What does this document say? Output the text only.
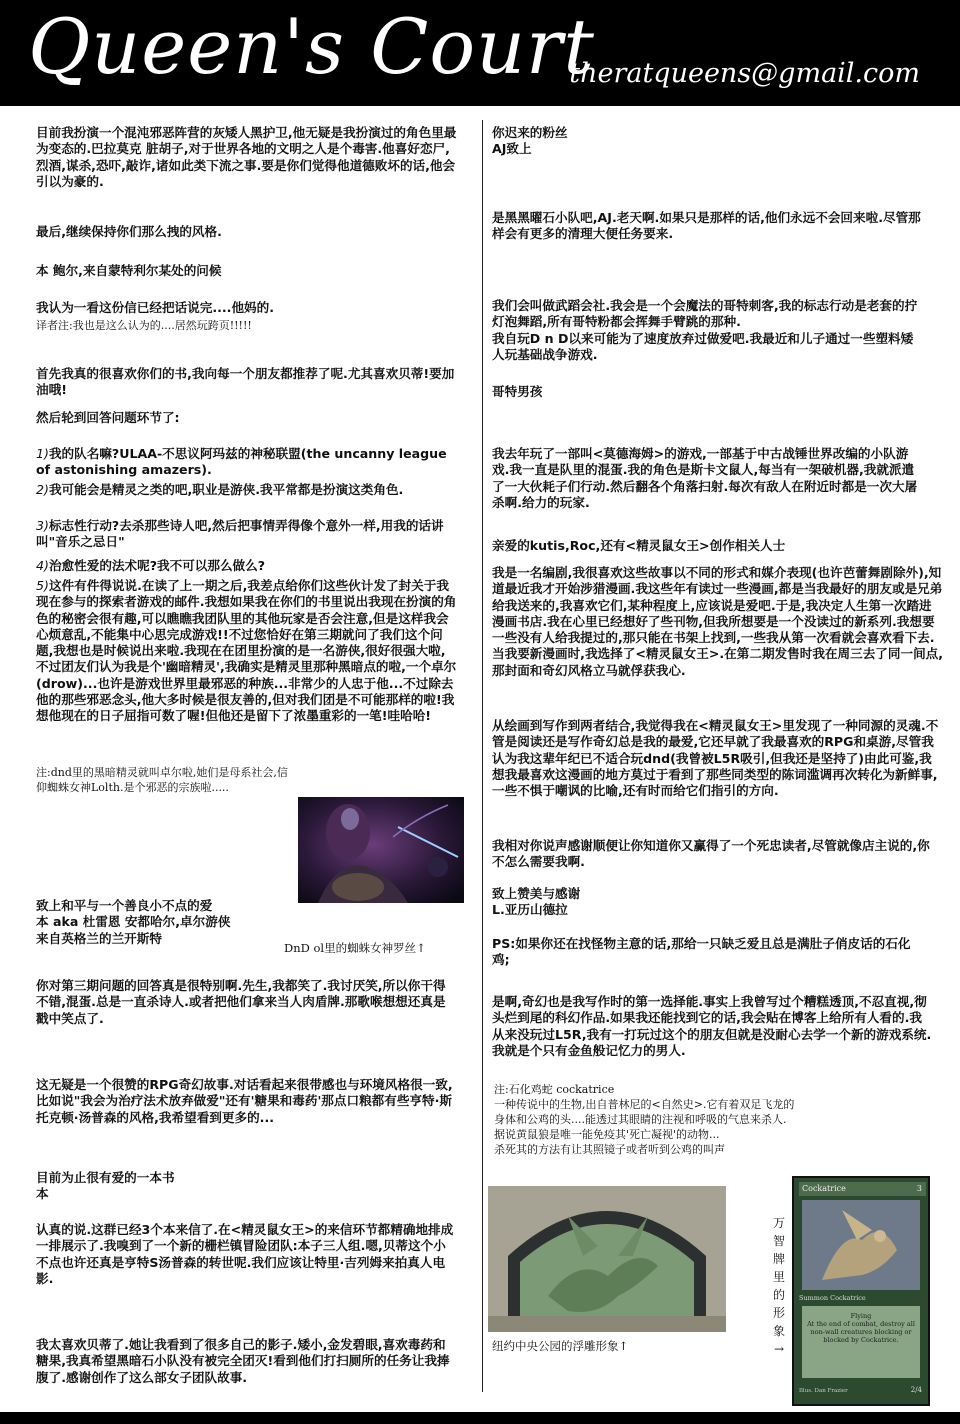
Queen's Court
theratqueens@gmail.com

目前我扮演一个混沌邪恶阵营的灰矮人黑护卫,他无疑是我扮演过的角色里最为变态的.巴拉莫克 脏胡子,对于世界各地的文明之人是个毒害.他喜好恋尸,烈酒,谋杀,恐吓,敲诈,诸如此类下流之事.要是你们觉得他道德败坏的话,他会引以为豪的.

最后,继续保持你们那么拽的风格.

本 鲍尔,来自蒙特利尔某处的问候

我认为一看这份信已经把话说完....他妈的.

译者注:我也是这么认为的....居然玩跨页!!!!!

首先我真的很喜欢你们的书,我向每一个朋友都推荐了呢.尤其喜欢贝蒂!要加油哦!

然后轮到回答问题环节了:

1)我的队名嘛?ULAA-不思议阿玛兹的神秘联盟(the uncanny league of astonishing amazers).

2)我可能会是精灵之类的吧,职业是游侠.我平常都是扮演这类角色.

3)标志性行动?去杀那些诗人吧,然后把事情弄得像个意外一样,用我的话讲叫"音乐之忌日"

4)治愈性爱的法术呢?我不可以那么做么?

5)这件有件得说说.在读了上一期之后,我差点给你们这些伙计发了封关于我现在参与的探索者游戏的邮件.我想如果我在你们的书里说出我现在扮演的角色的秘密会很有趣,可以瞧瞧我团队里的其他玩家是否会注意,但是这样我会心烦意乱,不能集中心思完成游戏!!不过您恰好在第三期就问了我们这个问题,我想也是时候说出来啦.我现在在团里扮演的是一名游侠,很好很强大啦,不过团友们认为我是个'幽暗精灵',我确实是精灵里那种黑暗点的啦,一个卓尔(drow)...也许是游戏世界里最邪恶的种族...非常少的人忠于他...不过除去他的那些邪恶念头,他大多时候是很友善的,但对我们团是不可能那样的啦!我想他现在的日子屈指可数了喔!但他还是留下了浓墨重彩的一笔!哇哈哈!

注:dnd里的黑暗精灵就叫卓尔啦,她们是母系社会,信仰蜘蛛女神Lolth.是个邪恶的宗族啦.....

致上和平与一个善良小不点的爱

本 aka 杜雷恩 安都哈尔,卓尔游侠

来自英格兰的兰开斯特

DnD ol里的蜘蛛女神罗丝↑

你对第三期问题的回答真是很特别啊.先生,我都笑了.我讨厌笑,所以你干得不错,混蛋.总是一直杀诗人.或者把他们拿来当人肉盾牌.那歌喉想想还真是戳中笑点了.

这无疑是一个很赞的RPG奇幻故事.对话看起来很带感也与环境风格很一致,比如说"我会为治疗法术放弃做爱"还有'糖果和毒药'那点口粮都有些亨特·斯托克顿·汤普森的风格,我希望看到更多的...

目前为止很有爱的一本书

本

认真的说.这群已经3个本来信了.在<精灵鼠女王>的来信环节都精确地排成一排展示了.我嗅到了一个新的栅栏镇冒险团队:本子三人组.嗯,贝蒂这个小不点也许还真是亨特S汤普森的转世呢.我们应该让特里·吉列姆来拍真人电影.

我太喜欢贝蒂了.她让我看到了很多自己的影子.矮小,金发碧眼,喜欢毒药和糖果,我真希望黑暗石小队没有被完全团灭!看到他们打扫厕所的任务让我捧腹了.感谢创作了这么部女子团队故事.

你迟来的粉丝

AJ致上

是黑黑曜石小队吧,AJ.老天啊.如果只是那样的话,他们永远不会回来啦.尽管那样会有更多的清理大便任务要来.

我们会叫做武蹈会社.我会是一个会魔法的哥特刺客,我的标志行动是老套的拧灯泡舞蹈,所有哥特粉都会挥舞手臂跳的那种.

我自玩D n D以来可能为了速度放弃过做爱吧.我最近和儿子通过一些塑料矮人玩基础战争游戏.

哥特男孩

我去年玩了一部叫<莫德海姆>的游戏,一部基于中古战锤世界改编的小队游戏.我一直是队里的混蛋.我的角色是斯卡文鼠人,每当有一架破机器,我就派遣了一大伙耗子们行动.然后翻各个角落扫射.每次有敌人在附近时都是一次大屠杀啊.给力的玩家.

亲爱的kutis,Roc,还有<精灵鼠女王>创作相关人士

我是一名编剧,我很喜欢这些故事以不同的形式和媒介表现(也许芭蕾舞剧除外),知道最近我才开始涉猎漫画.我这些年有读过一些漫画,都是当我最好的朋友或是兄弟给我送来的,我喜欢它们,某种程度上,应该说是爱吧.于是,我决定人生第一次踏进漫画书店.我在心里已经想好了些刊物,但我所想要是一个没读过的新系列.我想要一些没有人给我提过的,那只能在书架上找到,一些我从第一次看就会喜欢看下去.当我要新漫画时,我选择了<精灵鼠女王>.在第二期发售时我在周三去了同一间点,那封面和奇幻风格立马就俘获我心.

从绘画到写作到两者结合,我觉得我在<精灵鼠女王>里发现了一种同源的灵魂.不管是阅读还是写作奇幻总是我的最爱,它还早就了我最喜欢的RPG和桌游,尽管我认为我这辈年纪已不适合玩dnd(我曾被L5R吸引,但我还是坚持了)由此可鉴,我想我最喜欢这漫画的地方莫过于看到了那些同类型的陈词滥调再次转化为新鲜事,一些不惧于嘲讽的比喻,还有时而给它们指引的方向.

我相对你说声感谢顺便让你知道你又赢得了一个死忠读者,尽管就像店主说的,你不怎么需要我啊.

致上赞美与感谢

L.亚历山德拉

PS:如果你还在找怪物主意的话,那给一只缺乏爱且总是满肚子俏皮话的石化鸡;

是啊,奇幻也是我写作时的第一选择能.事实上我曾写过个糟糕透顶,不忍直视,彻头烂到尾的科幻作品.如果我还能找到它的话,我会贴在博客上给所有人看的.我从来没玩过L5R,我有一打玩过这个的朋友但就是没耐心去学一个新的游戏系统.我就是个只有金鱼般记忆力的男人.

注:石化鸡蛇 cockatrice

一种传说中的生物,出自普林尼的<自然史>.它有着双足飞龙的

身体和公鸡的头....能透过其眼睛的注视和呼吸的气息来杀人.

据说黄鼠狼是唯一能免疫其'死亡凝视'的动物...

杀死其的方法有让其照镜子或者听到公鸡的叫声

纽约中央公园的浮雕形象↑
万智牌里的形象→
Cockatrice	3
Summon Cockatrice
Flying
At the end of combat, destroy all non-wall creatures blocking or blocked by Cockatrice.
Illus. Dan Frazier	2/4
